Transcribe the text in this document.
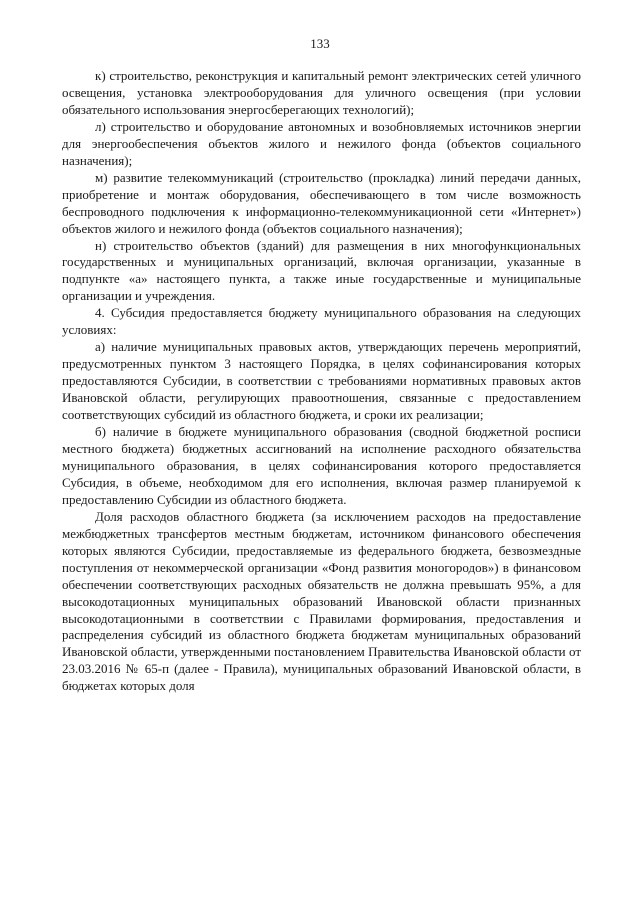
133

к) строительство, реконструкция и капитальный ремонт электрических сетей уличного освещения, установка электрооборудования для уличного освещения (при условии обязательного использования энергосберегающих технологий);

л) строительство и оборудование автономных и возобновляемых источников энергии для энергообеспечения объектов жилого и нежилого фонда (объектов социального назначения);

м) развитие телекоммуникаций (строительство (прокладка) линий передачи данных, приобретение и монтаж оборудования, обеспечивающего в том числе возможность беспроводного подключения к информационно-телекоммуникационной сети «Интернет») объектов жилого и нежилого фонда (объектов социального назначения);

н) строительство объектов (зданий) для размещения в них многофункциональных государственных и муниципальных организаций, включая организации, указанные в подпункте «а» настоящего пункта, а также иные государственные и муниципальные организации и учреждения.

4. Субсидия предоставляется бюджету муниципального образования на следующих условиях:

а) наличие муниципальных правовых актов, утверждающих перечень мероприятий, предусмотренных пунктом 3 настоящего Порядка, в целях софинансирования которых предоставляются Субсидии, в соответствии с требованиями нормативных правовых актов Ивановской области, регулирующих правоотношения, связанные с предоставлением соответствующих субсидий из областного бюджета, и сроки их реализации;

б) наличие в бюджете муниципального образования (сводной бюджетной росписи местного бюджета) бюджетных ассигнований на исполнение расходного обязательства муниципального образования, в целях софинансирования которого предоставляется Субсидия, в объеме, необходимом для его исполнения, включая размер планируемой к предоставлению Субсидии из областного бюджета.

Доля расходов областного бюджета (за исключением расходов на предоставление межбюджетных трансфертов местным бюджетам, источником финансового обеспечения которых являются Субсидии, предоставляемые из федерального бюджета, безвозмездные поступления от некоммерческой организации «Фонд развития моногородов») в финансовом обеспечении соответствующих расходных обязательств не должна превышать 95%, а для высокодотационных муниципальных образований Ивановской области признанных высокодотационными в соответствии с Правилами формирования, предоставления и распределения субсидий из областного бюджета бюджетам муниципальных образований Ивановской области, утвержденными постановлением Правительства Ивановской области от 23.03.2016 № 65-п (далее - Правила), муниципальных образований Ивановской области, в бюджетах которых доля
